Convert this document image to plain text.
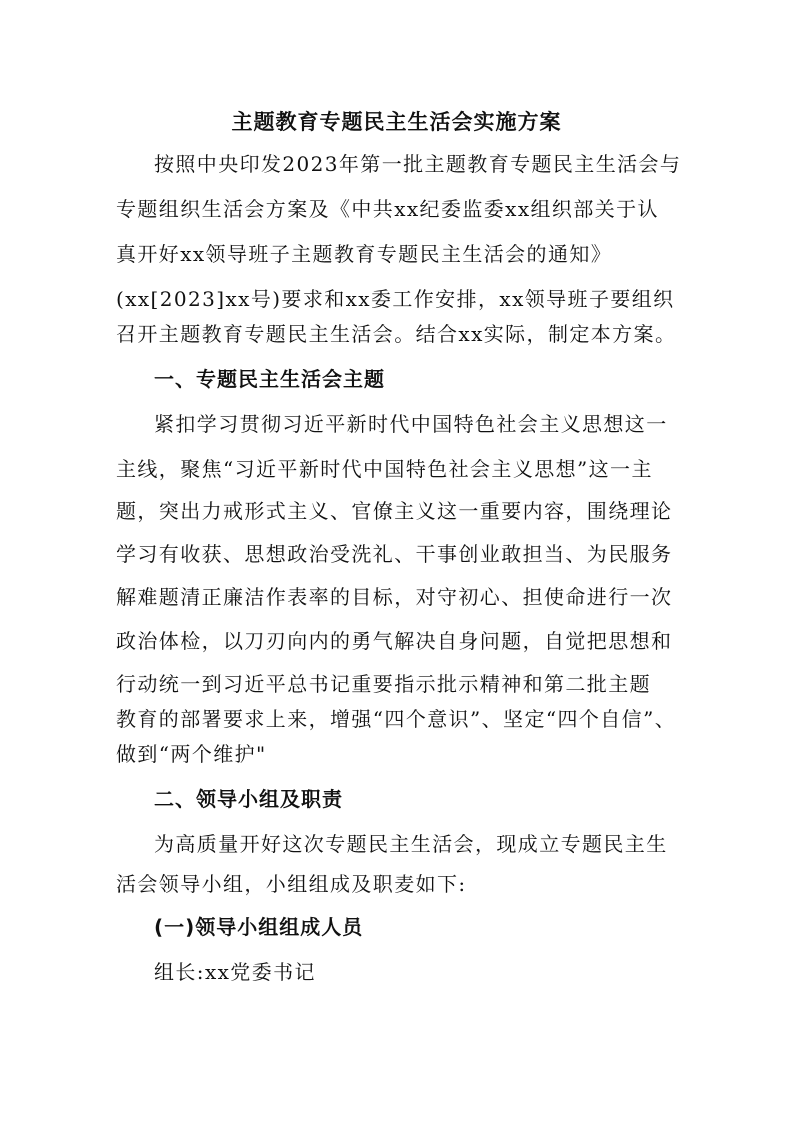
主题教育专题民主生活会实施方案
按照中央印发2023年第一批主题教育专题民主生活会与
专题组织生活会方案及《中共xx纪委监委xx组织部关于认
真开好xx领导班子主题教育专题民主生活会的通知》
(xx[2023]xx号)要求和xx委工作安排，xx领导班子要组织
召开主题教育专题民主生活会。结合xx实际，制定本方案。
一、专题民主生活会主题
紧扣学习贯彻习近平新时代中国特色社会主义思想这一
主线，聚焦“习近平新时代中国特色社会主义思想”这一主
题，突出力戒形式主义、官僚主义这一重要内容，围绕理论
学习有收获、思想政治受洗礼、干事创业敢担当、为民服务
解难题清正廉洁作表率的目标，对守初心、担使命进行一次
政治体检，以刀刃向内的勇气解决自身问题，自觉把思想和
行动统一到习近平总书记重要指示批示精神和第二批主题
教育的部署要求上来，增强“四个意识”、坚定“四个自信”、
做到“两个维护"
二、领导小组及职责
为高质量开好这次专题民主生活会，现成立专题民主生
活会领导小组，小组组成及职麦如下:
(一)领导小组组成人员
组长:xx党委书记
